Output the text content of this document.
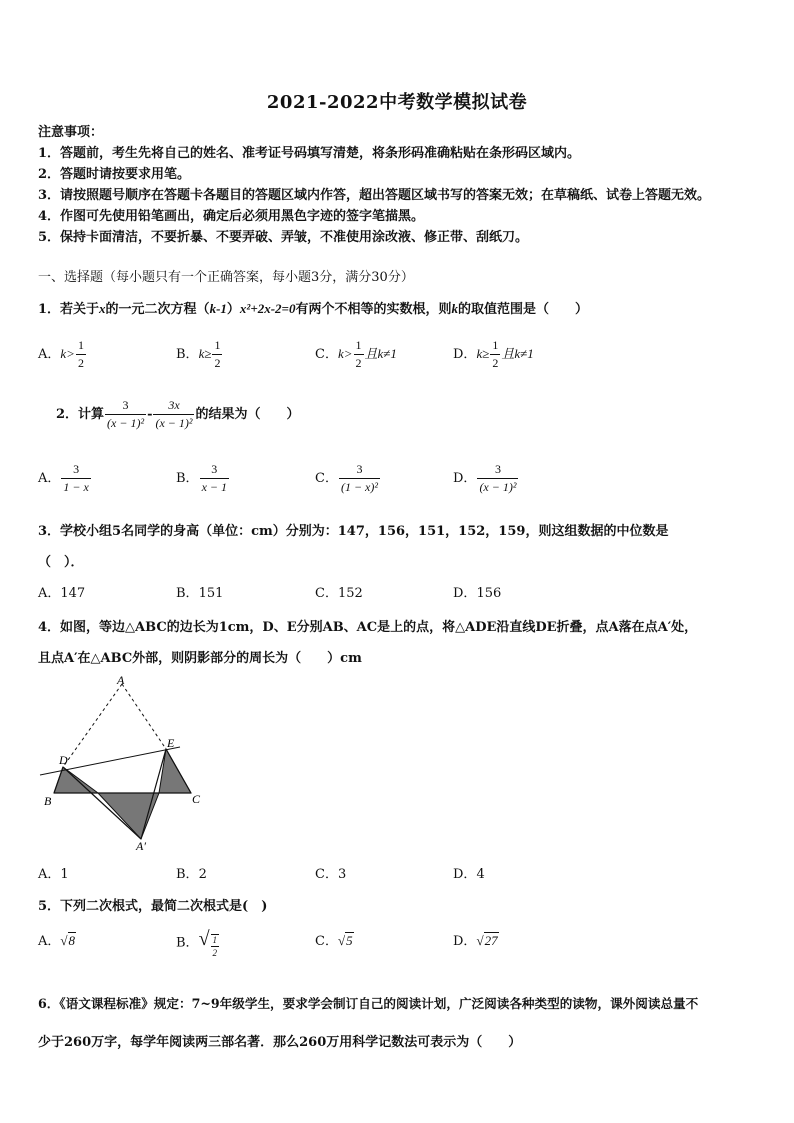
2021-2022中考数学模拟试卷
注意事项：
1．答题前，考生先将自己的姓名、准考证号码填写清楚，将条形码准确粘贴在条形码区域内。
2．答题时请按要求用笔。
3．请按照题号顺序在答题卡各题目的答题区域内作答，超出答题区域书写的答案无效；在草稿纸、试卷上答题无效。
4．作图可先使用铅笔画出，确定后必须用黑色字迹的签字笔描黑。
5．保持卡面清洁，不要折暴、不要弄破、弄皱，不准使用涂改液、修正带、刮纸刀。
一、选择题（每小题只有一个正确答案，每小题3分，满分30分）
1．若关于x的一元二次方程（k-1）x²+2x-2=0有两个不相等的实数根，则k的取值范围是（　　）
A．$k> \frac{1}{2}$	B．$k\ge \frac{1}{2}$	C．$k> \frac{1}{2}$ 且k≠1	D．$k\ge \frac{1}{2}$ 且k≠1
2．计算 $\frac{3}{\text{(x − 1)²}} - \frac{3x}{\text{(x − 1)²}}$ 的结果为（　　）
A． $\frac{3}{1 - x}$	B． $\frac{3}{x - 1}$	C． $\frac{3}{\text{(1 − x)²}}$	D． $\frac{3}{\text{(x − 1)²}}$
3．学校小组5名同学的身高（单位：cm）分别为：147，156，151，152，159，则这组数据的中位数是
（　）．
A．147	B．151	C．152	D．156
4．如图，等边△ABC的边长为1cm，D、E分别AB、AC是上的点，将△ADE沿直线DE折叠，点A落在点A′处，
且点A′在△ABC外部，则阴影部分的周长为（　　）cm
A
D
E
B	C
A′
A．1	B．2	C．3	D．4
5．下列二次根式，最简二次根式是(　)
A．√8	B．√ $\frac{1}{2}$	C．√5	D．√27
6．《语文课程标准》规定：7~9年级学生，要求学会制订自己的阅读计划，广泛阅读各种类型的读物，课外阅读总量不
少于260万字，每学年阅读两三部名著．那么260万用科学记数法可表示为（　　）
